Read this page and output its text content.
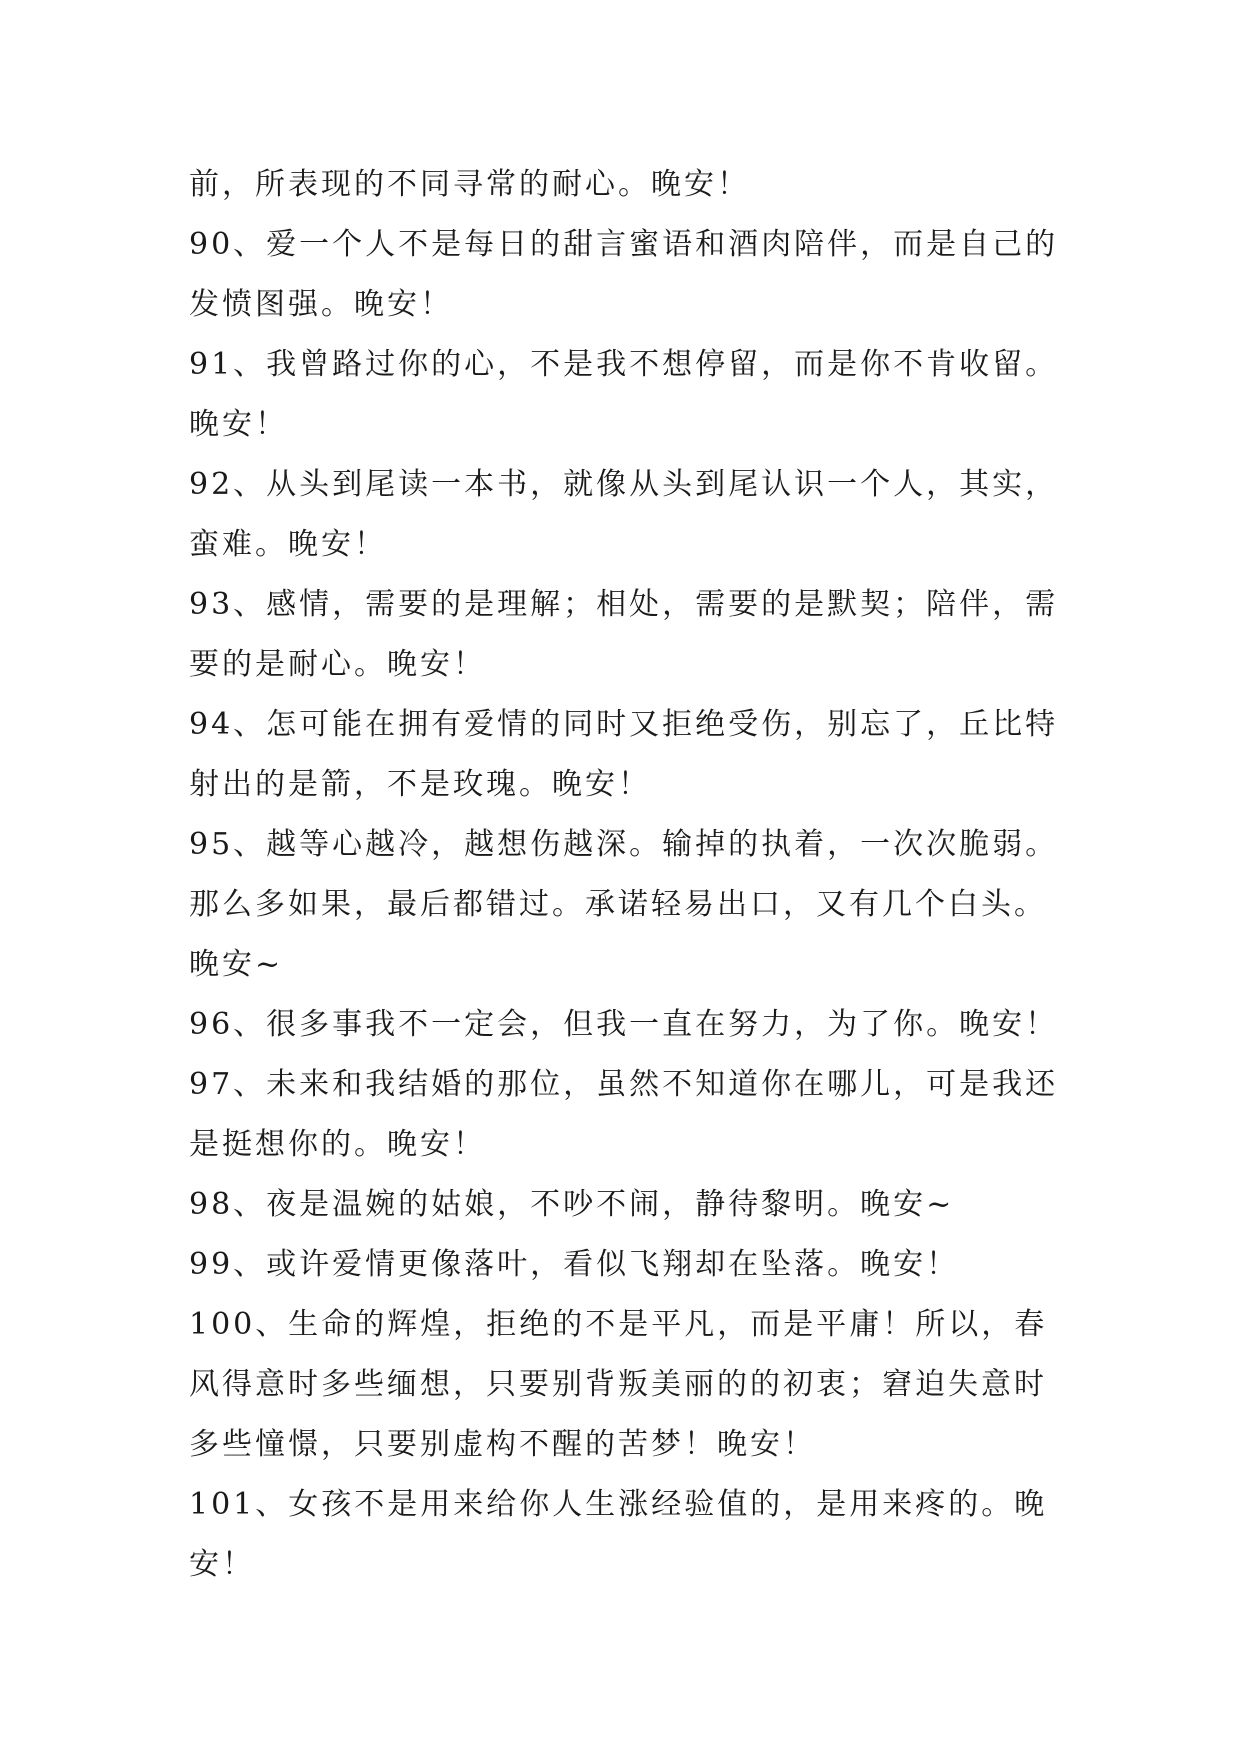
前，所表现的不同寻常的耐心。晚安！
90、爱一个人不是每日的甜言蜜语和酒肉陪伴，而是自己的
发愤图强。晚安！
91、我曾路过你的心，不是我不想停留，而是你不肯收留。
晚安！
92、从头到尾读一本书，就像从头到尾认识一个人，其实，
蛮难。晚安！
93、感情，需要的是理解；相处，需要的是默契；陪伴，需
要的是耐心。晚安！
94、怎可能在拥有爱情的同时又拒绝受伤，别忘了，丘比特
射出的是箭，不是玫瑰。晚安！
95、越等心越冷，越想伤越深。输掉的执着，一次次脆弱。
那么多如果，最后都错过。承诺轻易出口，又有几个白头。
晚安~
96、很多事我不一定会，但我一直在努力，为了你。晚安！
97、未来和我结婚的那位，虽然不知道你在哪儿，可是我还
是挺想你的。晚安！
98、夜是温婉的姑娘，不吵不闹，静待黎明。晚安~
99、或许爱情更像落叶，看似飞翔却在坠落。晚安！
100、生命的辉煌，拒绝的不是平凡，而是平庸！所以，春
风得意时多些缅想，只要别背叛美丽的的初衷；窘迫失意时
多些憧憬，只要别虚构不醒的苦梦！晚安！
101、女孩不是用来给你人生涨经验值的，是用来疼的。晚
安！
